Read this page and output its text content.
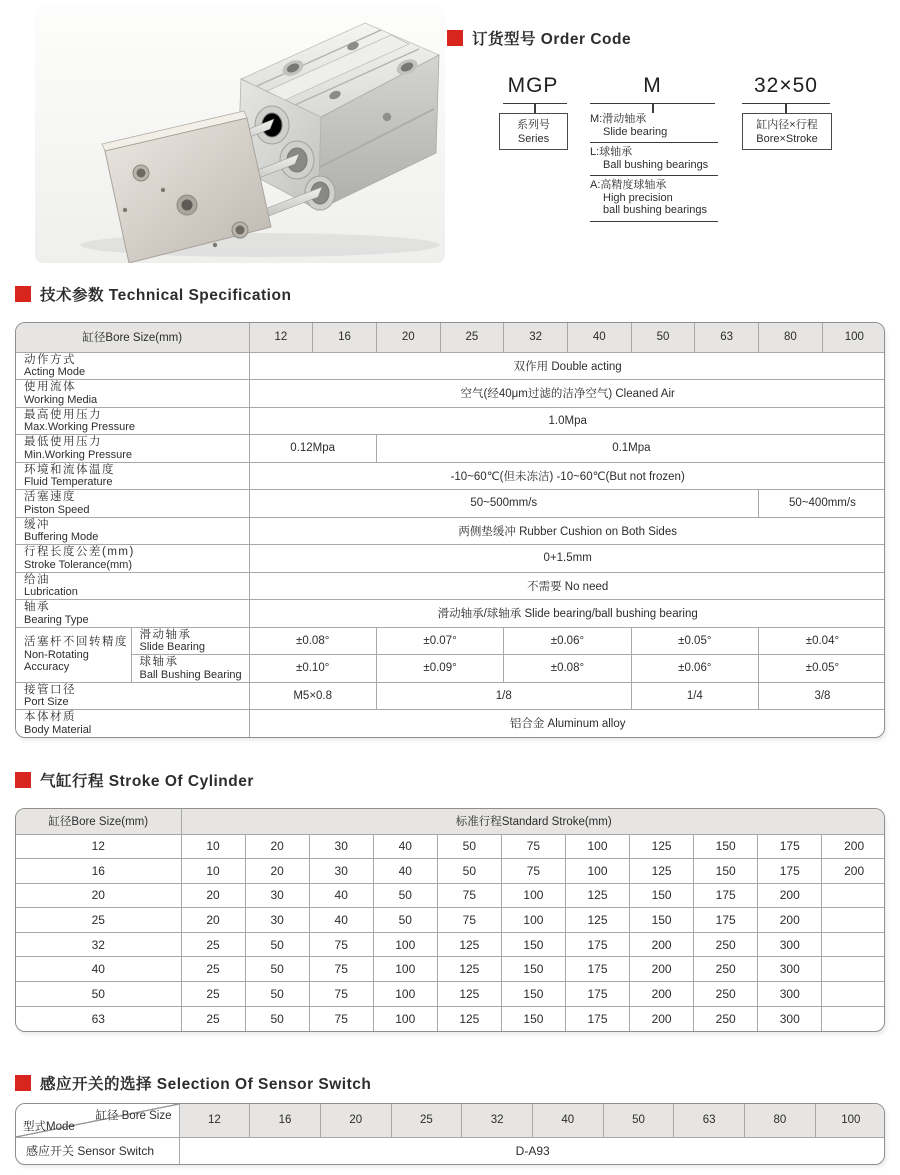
订货型号 Order Code
MGP	M	32×50
系列号
Series
M:滑动轴承
Slide bearing
L:球轴承
Ball bushing bearings
A:高精度球轴承
High precision
ball bushing bearings
缸内径×行程
Bore×Stroke
技术参数 Technical Specification
缸径Bore Size(mm)		12	16	20	25	32	40	50	63	80	100

动作方式
Acting Mode		双作用 Double acting									

使用流体
Working Media		空气(经40μm过滤的洁净空气) Cleaned Air									

最高使用压力
Max.Working Pressure		1.0Mpa									

最低使用压力
Min.Working Pressure		0.12Mpa		0.1Mpa							

环境和流体温度
Fluid Temperature		-10~60℃(但未冻洁) -10~60℃(But not frozen)									

活塞速度
Piston Speed		50~500mm/s								50~400mm/s	

缓冲
Buffering Mode		两侧垫缓冲 Rubber Cushion on Both Sides									

行程长度公差(mm)
Stroke Tolerance(mm)		0+1.5mm									

给油
Lubrication		不需要 No need									

轴承
Bearing Type		滑动轴承/球轴承 Slide bearing/ball bushing bearing									

活塞杆不回转精度
Non-Rotating
Accuracy

滑动轴承
Slide Bearing
	±0.08°	±0.07°	±0.06°	±0.05°	±0.04°

	球轴承
Ball Bushing Bearing	±0.10°		±0.09°		±0.08°		±0.06°		±0.05°	

接管口径
Port Size		M5×0.8		1/8				1/4		3/8	

本体材质
Body Material		铝合金 Aluminum alloy									
气缸行程 Stroke Of Cylinder
缸径Bore Size(mm)	标准行程Standard Stroke(mm)										
12	10	20	30	40	50	75	100	125	150	175	200
16	10	20	30	40	50	75	100	125	150	175	200
20	20	30	40	50	75	100	125	150	175	200	
25	20	30	40	50	75	100	125	150	175	200	
32	25	50	75	100	125	150	175	200	250	300	
40	25	50	75	100	125	150	175	200	250	300	
50	25	50	75	100	125	150	175	200	250	300	
63	25	50	75	100	125	150	175	200	250	300	
感应开关的选择 Selection Of Sensor Switch
缸径 Bore Size
型式Mode	12	16	20	25	32	40	50	63	80	100
感应开关 Sensor Switch	D-A93									
